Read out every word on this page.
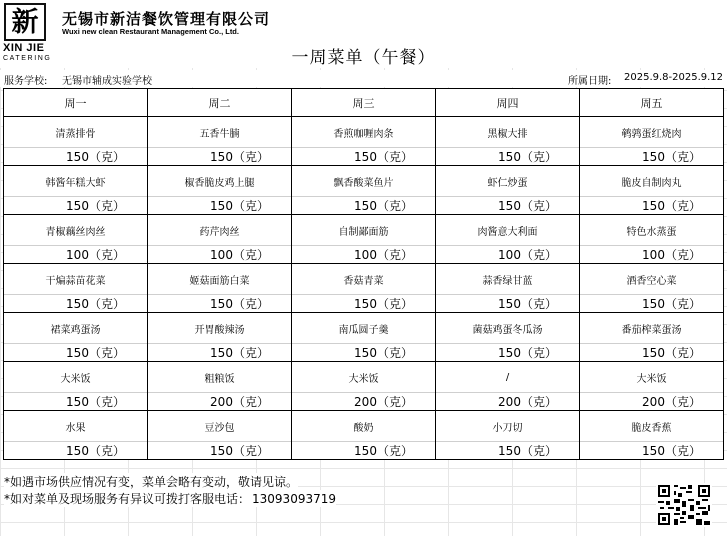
新
XIN JIE
CATERING
无锡市新洁餐饮管理有限公司
Wuxi new clean Restaurant Management Co., Ltd.
一周菜单（午餐）
服务学校: 无锡市辅成实验学校	所属日期: 2025.9.8-2025.9.12
周一	周二	周三	周四	周五
清蒸排骨	五香牛腩	香煎咖喱肉条	黑椒大排	鹌鹑蛋红烧肉
150（克）	150（克）	150（克）	150（克）	150（克）
韩酱年糕大虾	椒香脆皮鸡上腿	飘香酸菜鱼片	虾仁炒蛋	脆皮自制肉丸
150（克）	150（克）	150（克）	150（克）	150（克）
青椒藕丝肉丝	药芹肉丝	自制鄙面筋	肉酱意大利面	特色水蒸蛋
100（克）	100（克）	100（克）	100（克）	100（克）
干煸蒜苗花菜	姬菇面筋白菜	香菇青菜	蒜香绿甘蓝	酒香空心菜
150（克）	150（克）	150（克）	150（克）	150（克）
裙菜鸡蛋汤	开胃酸辣汤	南瓜圆子羹	菌菇鸡蛋冬瓜汤	番茄榨菜蛋汤
150（克）	150（克）	150（克）	150（克）	150（克）
大米饭	粗粮饭	大米饭	/	大米饭
150（克）	200（克）	200（克）	200（克）	200（克）
水果	豆沙包	酸奶	小刀切	脆皮香蕉
150（克）	150（克）	150（克）	150（克）	150（克）
*如遇市场供应情况有变，菜单会略有变动，敬请见谅。
*如对菜单及现场服务有异议可拨打客服电话： 13093093719
